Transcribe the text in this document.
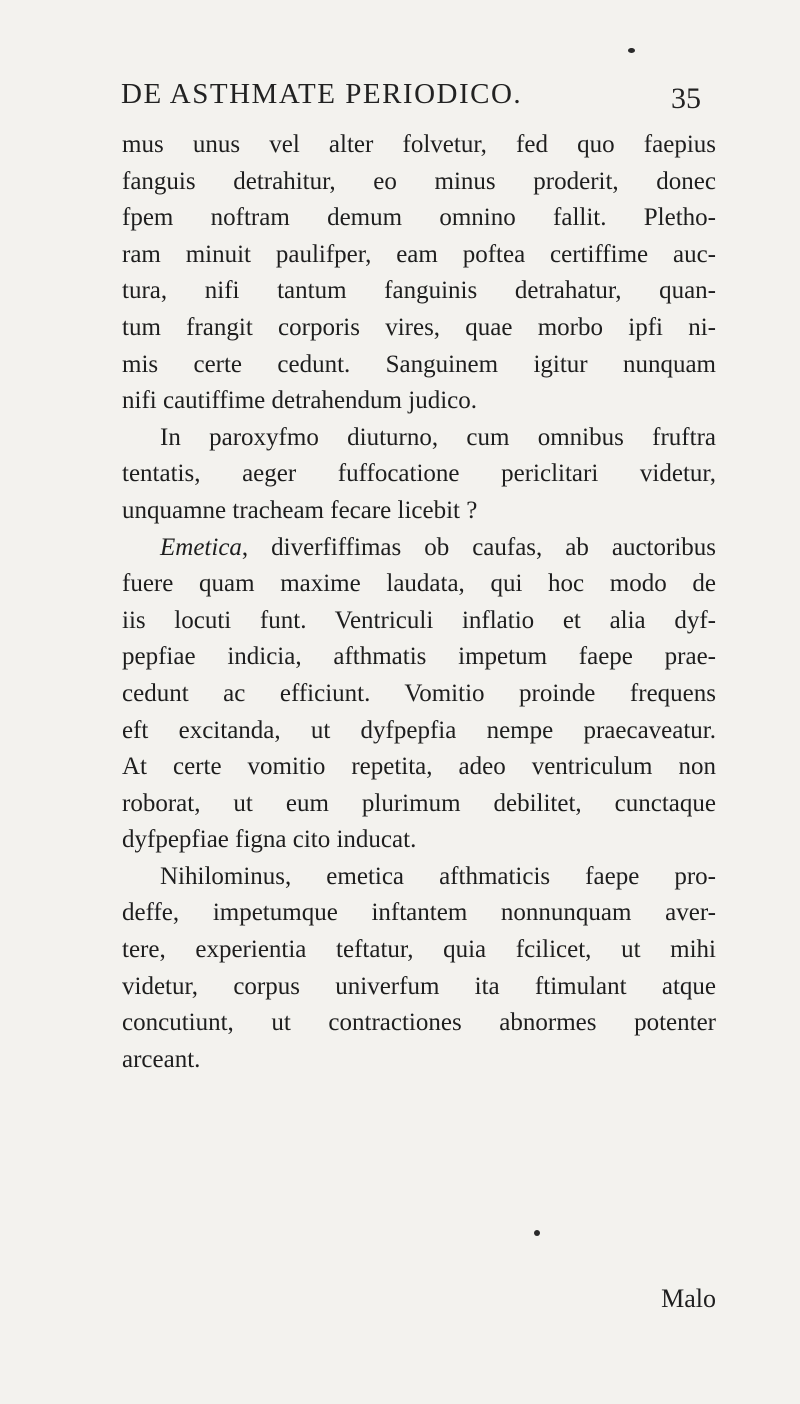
DE ASTHMATE PERIODICO.	35
mus unus vel alter folvetur, fed quo faepius
fanguis detrahitur, eo minus proderit, donec
fpem noftram demum omnino fallit. Pletho-
ram minuit paulifper, eam poftea certiffime auc-
tura, nifi tantum fanguinis detrahatur, quan-
tum frangit corporis vires, quae morbo ipfi ni-
mis certe cedunt. Sanguinem igitur nunquam
nifi cautiffime detrahendum judico.
In paroxyfmo diuturno, cum omnibus fruftra
tentatis, aeger fuffocatione periclitari videtur,
unquamne tracheam fecare licebit ?
Emetica, diverfiffimas ob caufas, ab auctoribus
fuere quam maxime laudata, qui hoc modo de
iis locuti funt. Ventriculi inflatio et alia dyf-
pepfiae indicia, afthmatis impetum faepe prae-
cedunt ac efficiunt. Vomitio proinde frequens
eft excitanda, ut dyfpepfia nempe praecaveatur.
At certe vomitio repetita, adeo ventriculum non
roborat, ut eum plurimum debilitet, cunctaque
dyfpepfiae figna cito inducat.
Nihilominus, emetica afthmaticis faepe pro-
deffe, impetumque inftantem nonnunquam aver-
tere, experientia teftatur, quia fcilicet, ut mihi
videtur, corpus univerfum ita ftimulant atque
concutiunt, ut contractiones abnormes potenter
arceant.
Malo
